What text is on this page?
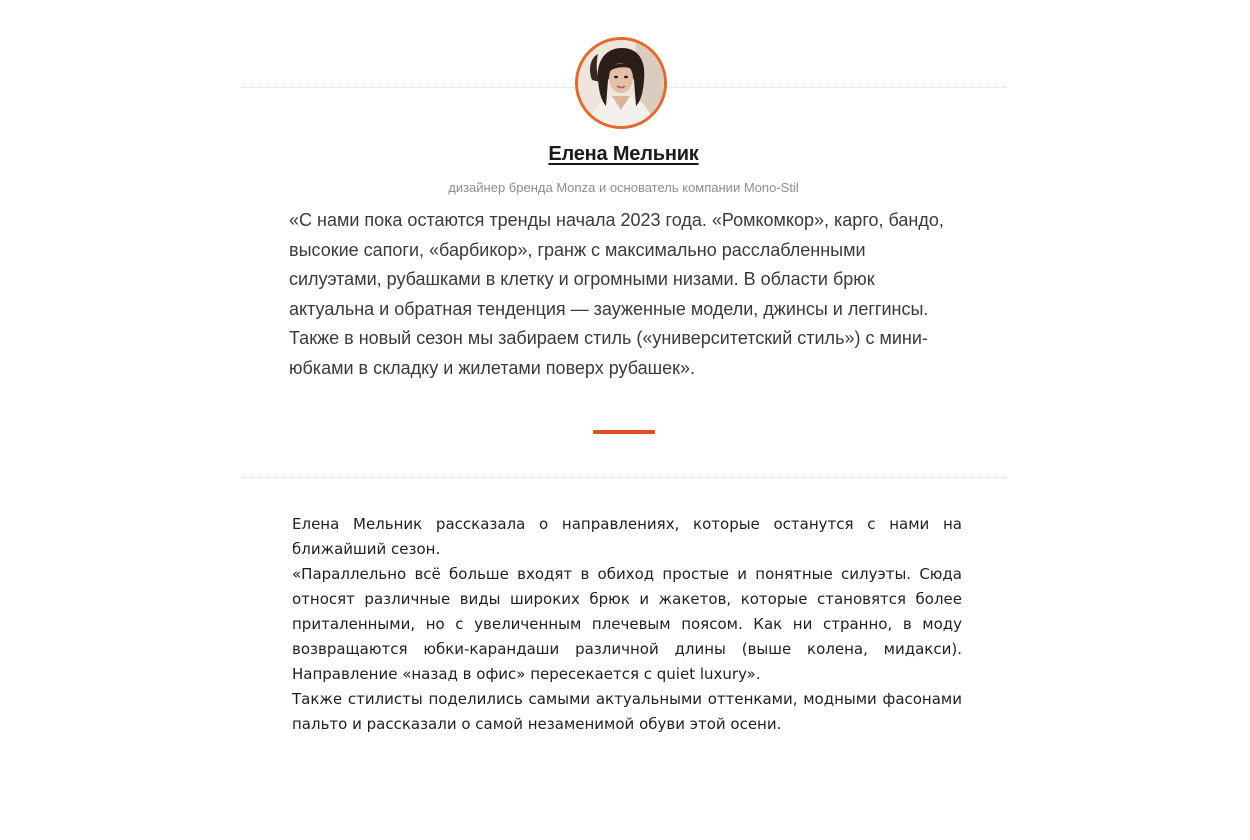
Елена Мельник
дизайнер бренда Monza и основатель компании Mono-Stil

«С нами пока остаются тренды начала 2023 года. «Ромкомкор», карго, бандо, высокие сапоги, «барбикор», гранж с максимально расслабленными силуэтами, рубашками в клетку и огромными низами. В области брюк актуальна и обратная тенденция — зауженные модели, джинсы и леггинсы. Также в новый сезон мы забираем стиль («университетский стиль») с мини-юбками в складку и жилетами поверх рубашек».

Елена Мельник рассказала о направлениях, которые останутся с нами на ближайший сезон.

«Параллельно всё больше входят в обиход простые и понятные силуэты. Сюда относят различные виды широких брюк и жакетов, которые становятся более приталенными, но с увеличенным плечевым поясом. Как ни странно, в моду возвращаются юбки-карандаши различной длины (выше колена, мидакси). Направление «назад в офис» пересекается с quiet luxury».

Также стилисты поделились самыми актуальными оттенками, модными фасонами пальто и рассказали о самой незаменимой обуви этой осени.
